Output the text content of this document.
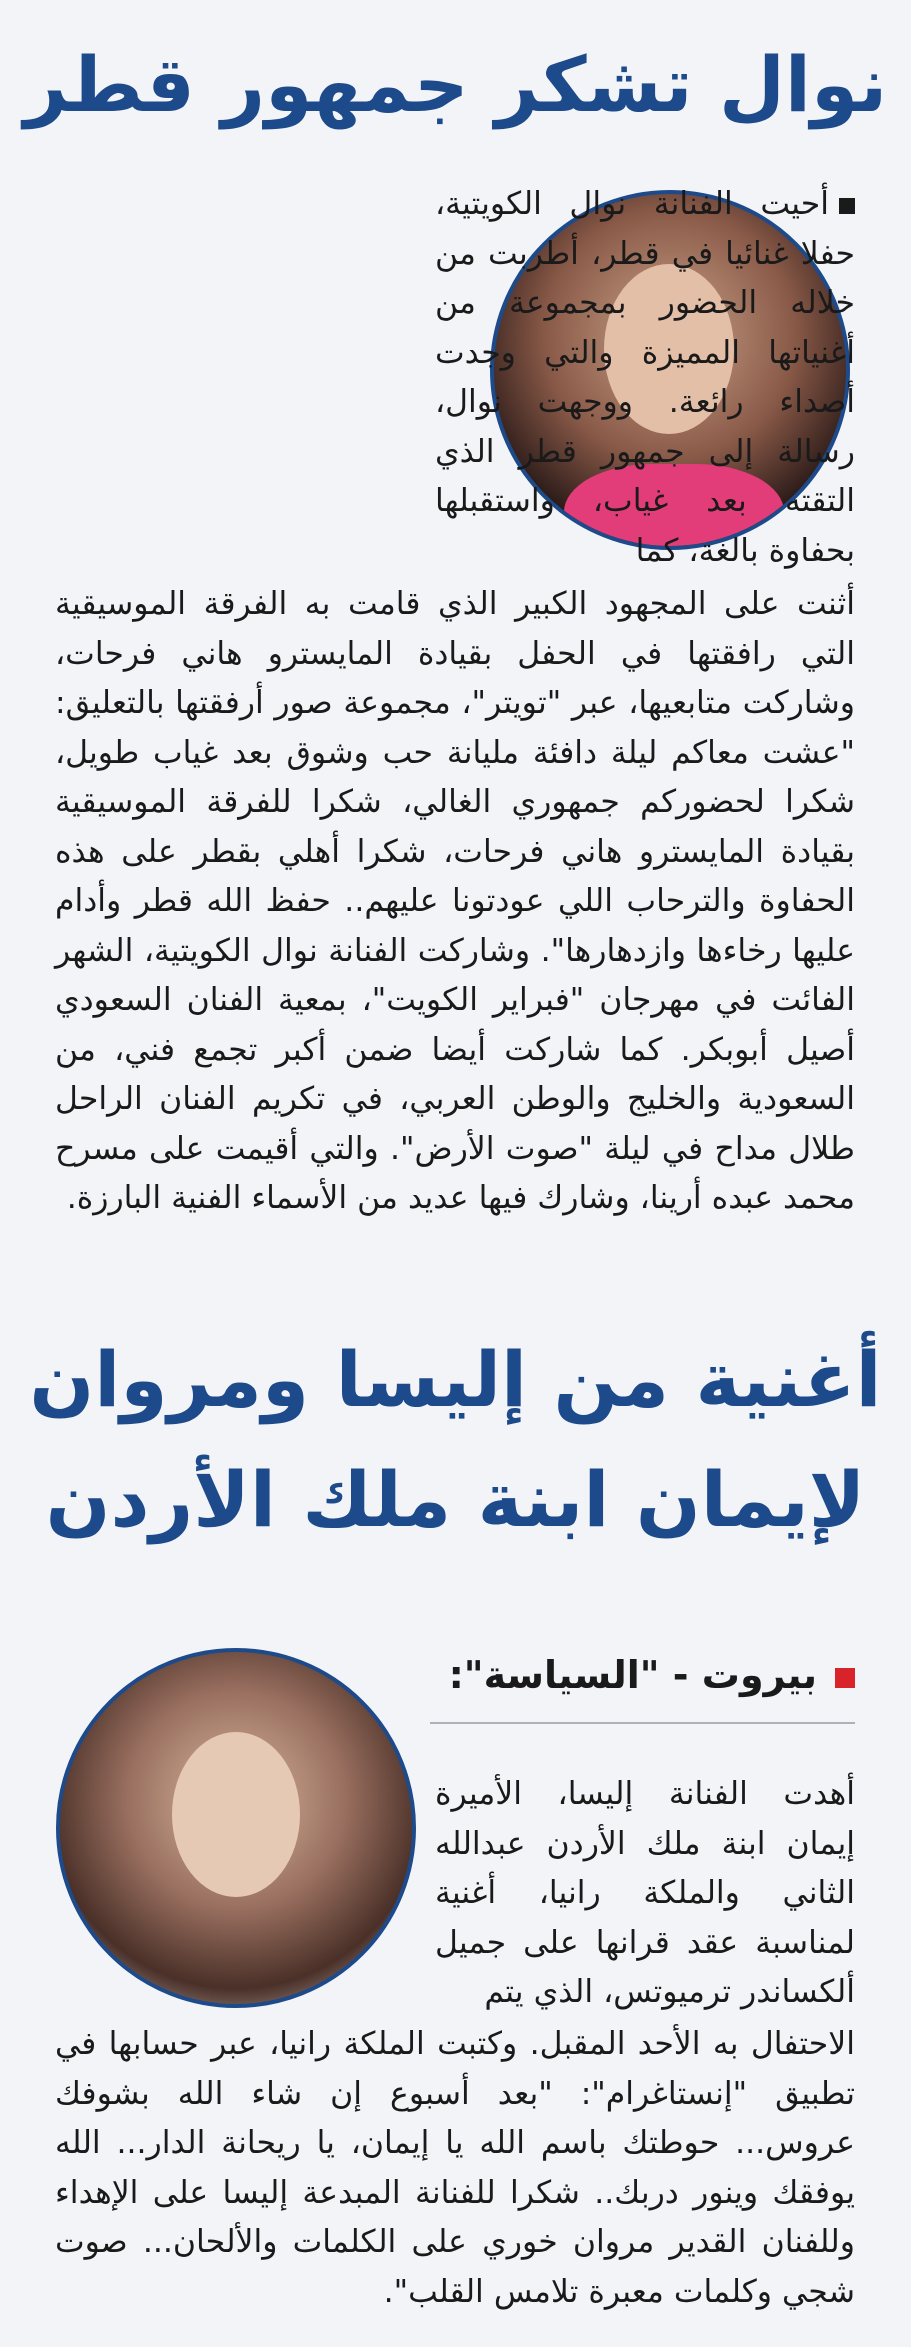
نوال تشكر جمهور قطر
أحيت الفنانة نوال الكويتية، حفلا غنائيا في قطر، أطربت من خلاله الحضور بمجموعة من أغنياتها المميزة والتي وجدت أصداء رائعة. ووجهت نوال، رسالة إلى جمهور قطر الذي التقته بعد غياب، واستقبلها بحفاوة بالغة، كما
أثنت على المجهود الكبير الذي قامت به الفرقة الموسيقية التي رافقتها في الحفل بقيادة المايسترو هاني فرحات، وشاركت متابعيها، عبر "تويتر"، مجموعة صور أرفقتها بالتعليق: "عشت معاكم ليلة دافئة مليانة حب وشوق بعد غياب طويل، شكرا لحضوركم جمهوري الغالي، شكرا للفرقة الموسيقية بقيادة المايسترو هاني فرحات، شكرا أهلي بقطر على هذه الحفاوة والترحاب اللي عودتونا عليهم.. حفظ الله قطر وأدام عليها رخاءها وازدهارها". وشاركت الفنانة نوال الكويتية، الشهر الفائت في مهرجان "فبراير الكويت"، بمعية الفنان السعودي أصيل أبوبكر. كما شاركت أيضا ضمن أكبر تجمع فني، من السعودية والخليج والوطن العربي، في تكريم الفنان الراحل طلال مداح في ليلة "صوت الأرض". والتي أقيمت على مسرح محمد عبده أرينا، وشارك فيها عديد من الأسماء الفنية البارزة.
أغنية من إليسا ومروان
لإيمان ابنة ملك الأردن
بيروت - "السياسة":
أهدت الفنانة إليسا، الأميرة إيمان ابنة ملك الأردن عبدالله الثاني والملكة رانيا، أغنية لمناسبة عقد قرانها على جميل ألكساندر ترميوتس، الذي يتم
الاحتفال به الأحد المقبل. وكتبت الملكة رانيا، عبر حسابها في تطبيق "إنستاغرام": "بعد أسبوع إن شاء الله بشوفك عروس... حوطتك باسم الله يا إيمان، يا ريحانة الدار... الله يوفقك وينور دربك.. شكرا للفنانة المبدعة إليسا على الإهداء وللفنان القدير مروان خوري على الكلمات والألحان... صوت شجي وكلمات معبرة تلامس القلب".
